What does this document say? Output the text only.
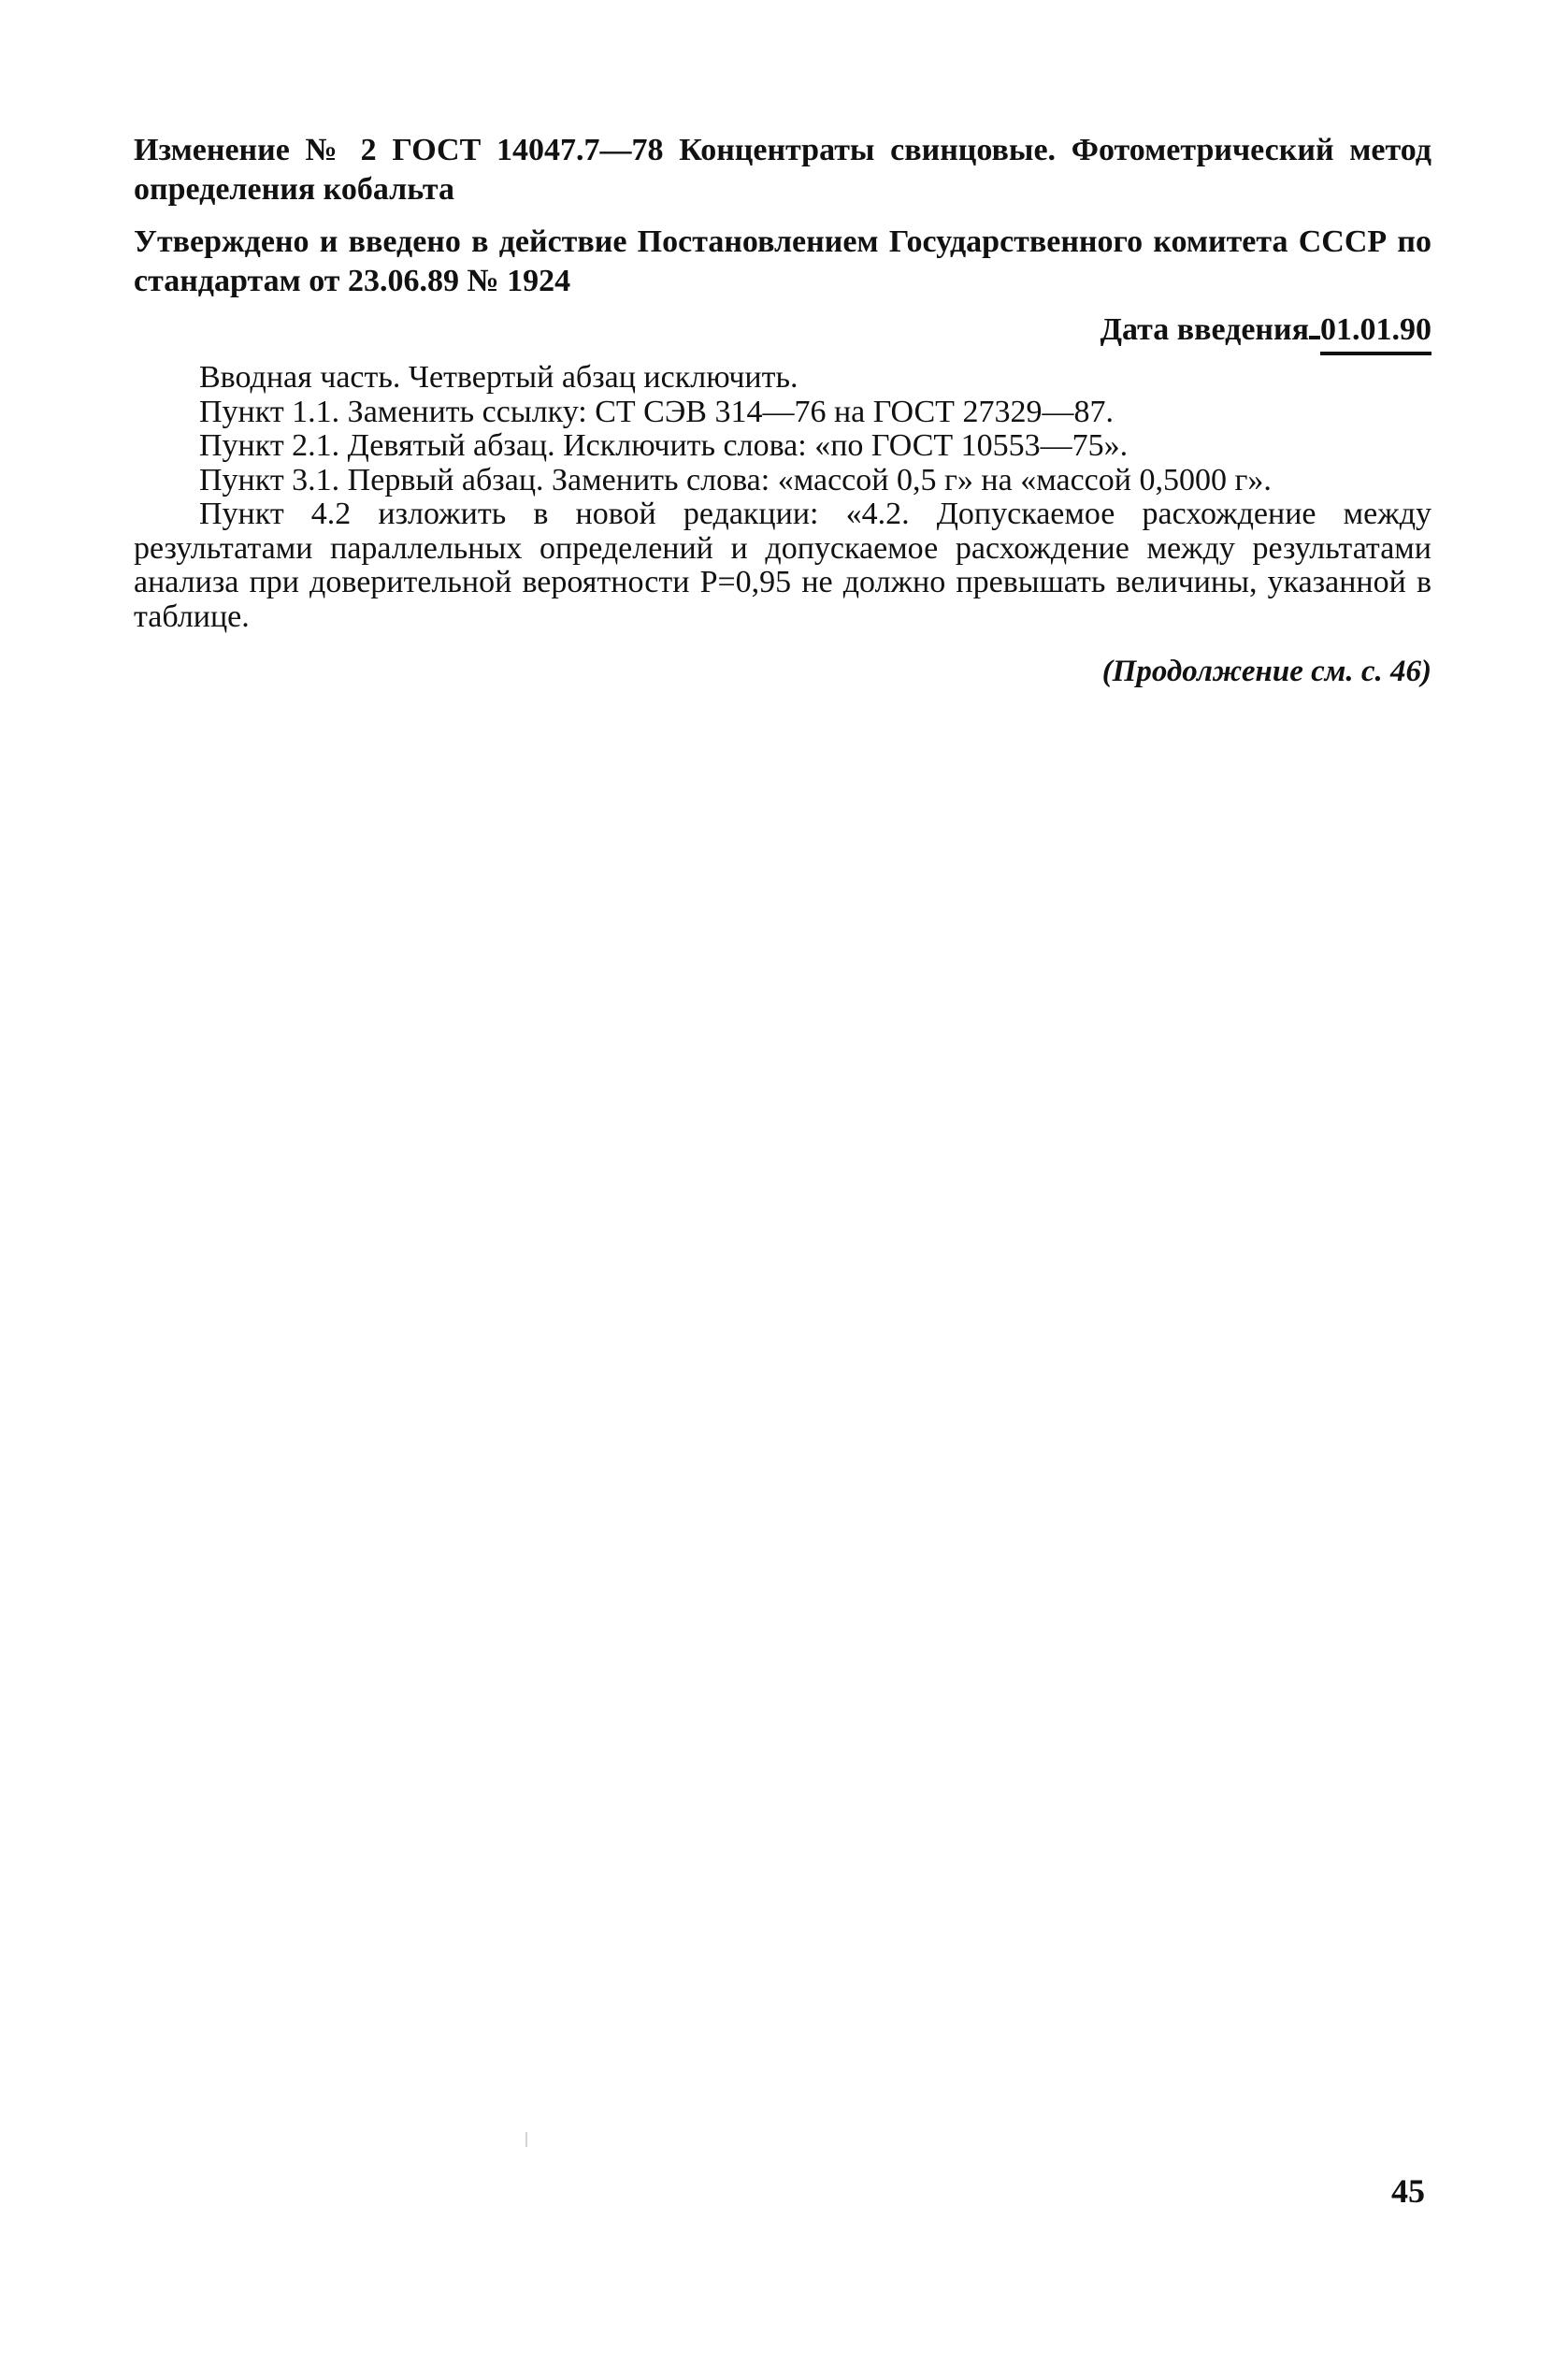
Изменение № 2 ГОСТ 14047.7—78 Концентраты свинцовые. Фотометрический метод определения кобальта

Утверждено и введено в действие Постановлением Государственного комитета СССР по стандартам от 23.06.89 № 1924

Дата введения 01.01.90

Вводная часть. Четвертый абзац исключить.

Пункт 1.1. Заменить ссылку: СТ СЭВ 314—76 на ГОСТ 27329—87.

Пункт 2.1. Девятый абзац. Исключить слова: «по ГОСТ 10553—75».

Пункт 3.1. Первый абзац. Заменить слова: «массой 0,5 г» на «массой 0,5000 г».

Пункт 4.2 изложить в новой редакции: «4.2. Допускаемое расхождение между результатами параллельных определений и допускаемое расхождение между результатами анализа при доверительной вероятности P=0,95 не должно превышать величины, указанной в таблице.

(Продолжение см. с. 46)

45
